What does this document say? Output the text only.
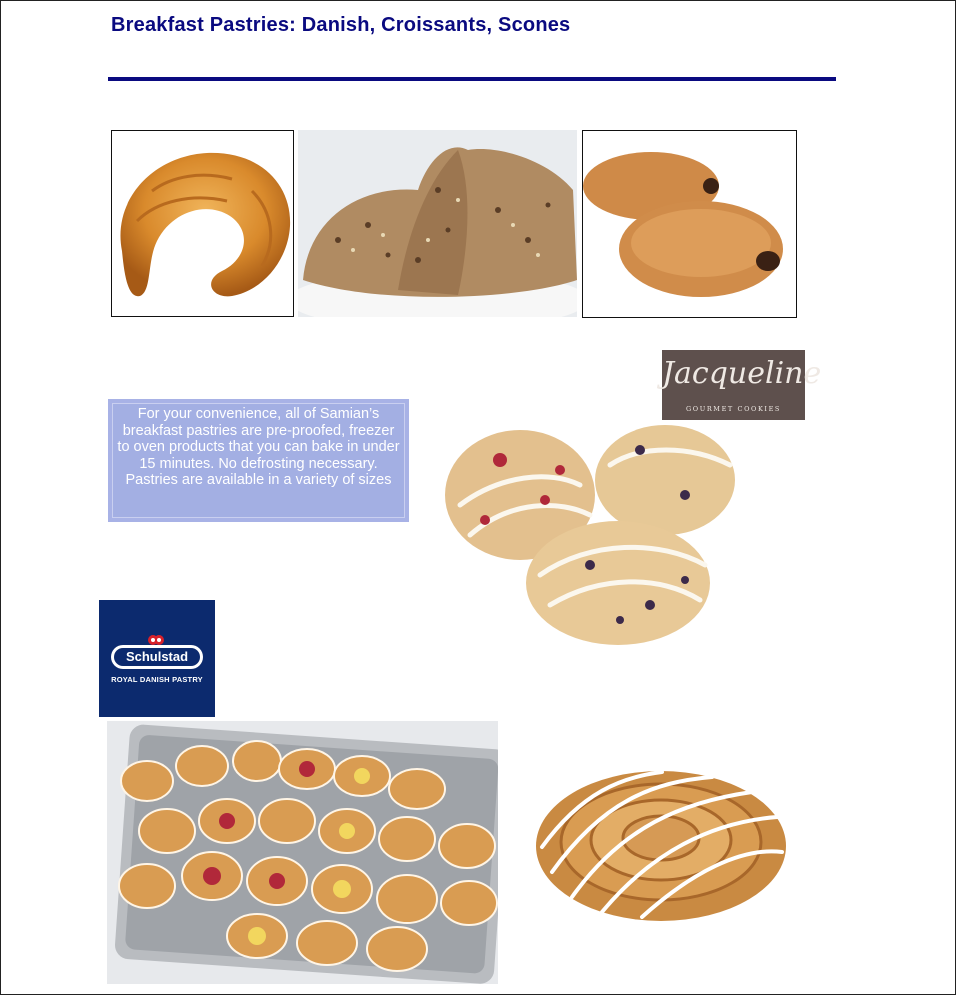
Breakfast Pastries: Danish, Croissants, Scones
For your convenience, all of Samian’s breakfast pastries are pre-proofed, freezer to oven products that you can bake in under 15 minutes. No defrosting necessary. Pastries are available in a variety of sizes
Jacqueline
GOURMET COOKIES
Schulstad
ROYAL DANISH PASTRY
